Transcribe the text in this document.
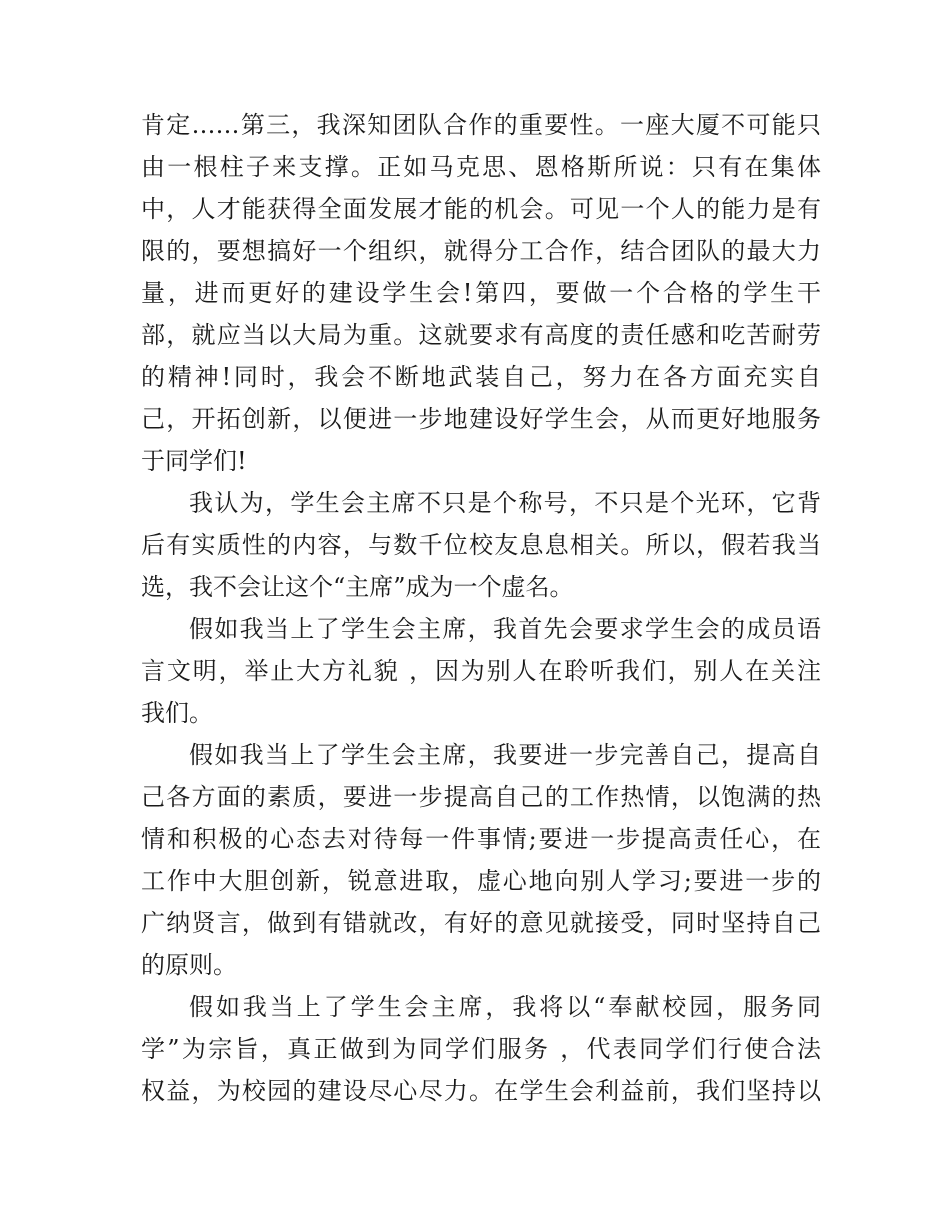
肯定……第三，我深知团队合作的重要性。一座大厦不可能只
由一根柱子来支撑。正如马克思、恩格斯所说：只有在集体
中，人才能获得全面发展才能的机会。可见一个人的能力是有
限的，要想搞好一个组织，就得分工合作，结合团队的最大力
量，进而更好的建设学生会!第四，要做一个合格的学生干
部，就应当以大局为重。这就要求有高度的责任感和吃苦耐劳
的精神!同时，我会不断地武装自己，努力在各方面充实自
己，开拓创新，以便进一步地建设好学生会，从而更好地服务
于同学们!
我认为，学生会主席不只是个称号，不只是个光环，它背
后有实质性的内容，与数千位校友息息相关。所以，假若我当
选，我不会让这个“主席”成为一个虚名。
假如我当上了学生会主席，我首先会要求学生会的成员语
言文明，举止大方礼貌 ，因为别人在聆听我们，别人在关注
我们。
假如我当上了学生会主席，我要进一步完善自己，提高自
己各方面的素质，要进一步提高自己的工作热情，以饱满的热
情和积极的心态去对待每一件事情;要进一步提高责任心，在
工作中大胆创新，锐意进取，虚心地向别人学习;要进一步的
广纳贤言，做到有错就改，有好的意见就接受，同时坚持自己
的原则。
假如我当上了学生会主席，我将以“奉献校园，服务同
学”为宗旨，真正做到为同学们服务 ，代表同学们行使合法
权益，为校园的建设尽心尽力。在学生会利益前，我们坚持以
